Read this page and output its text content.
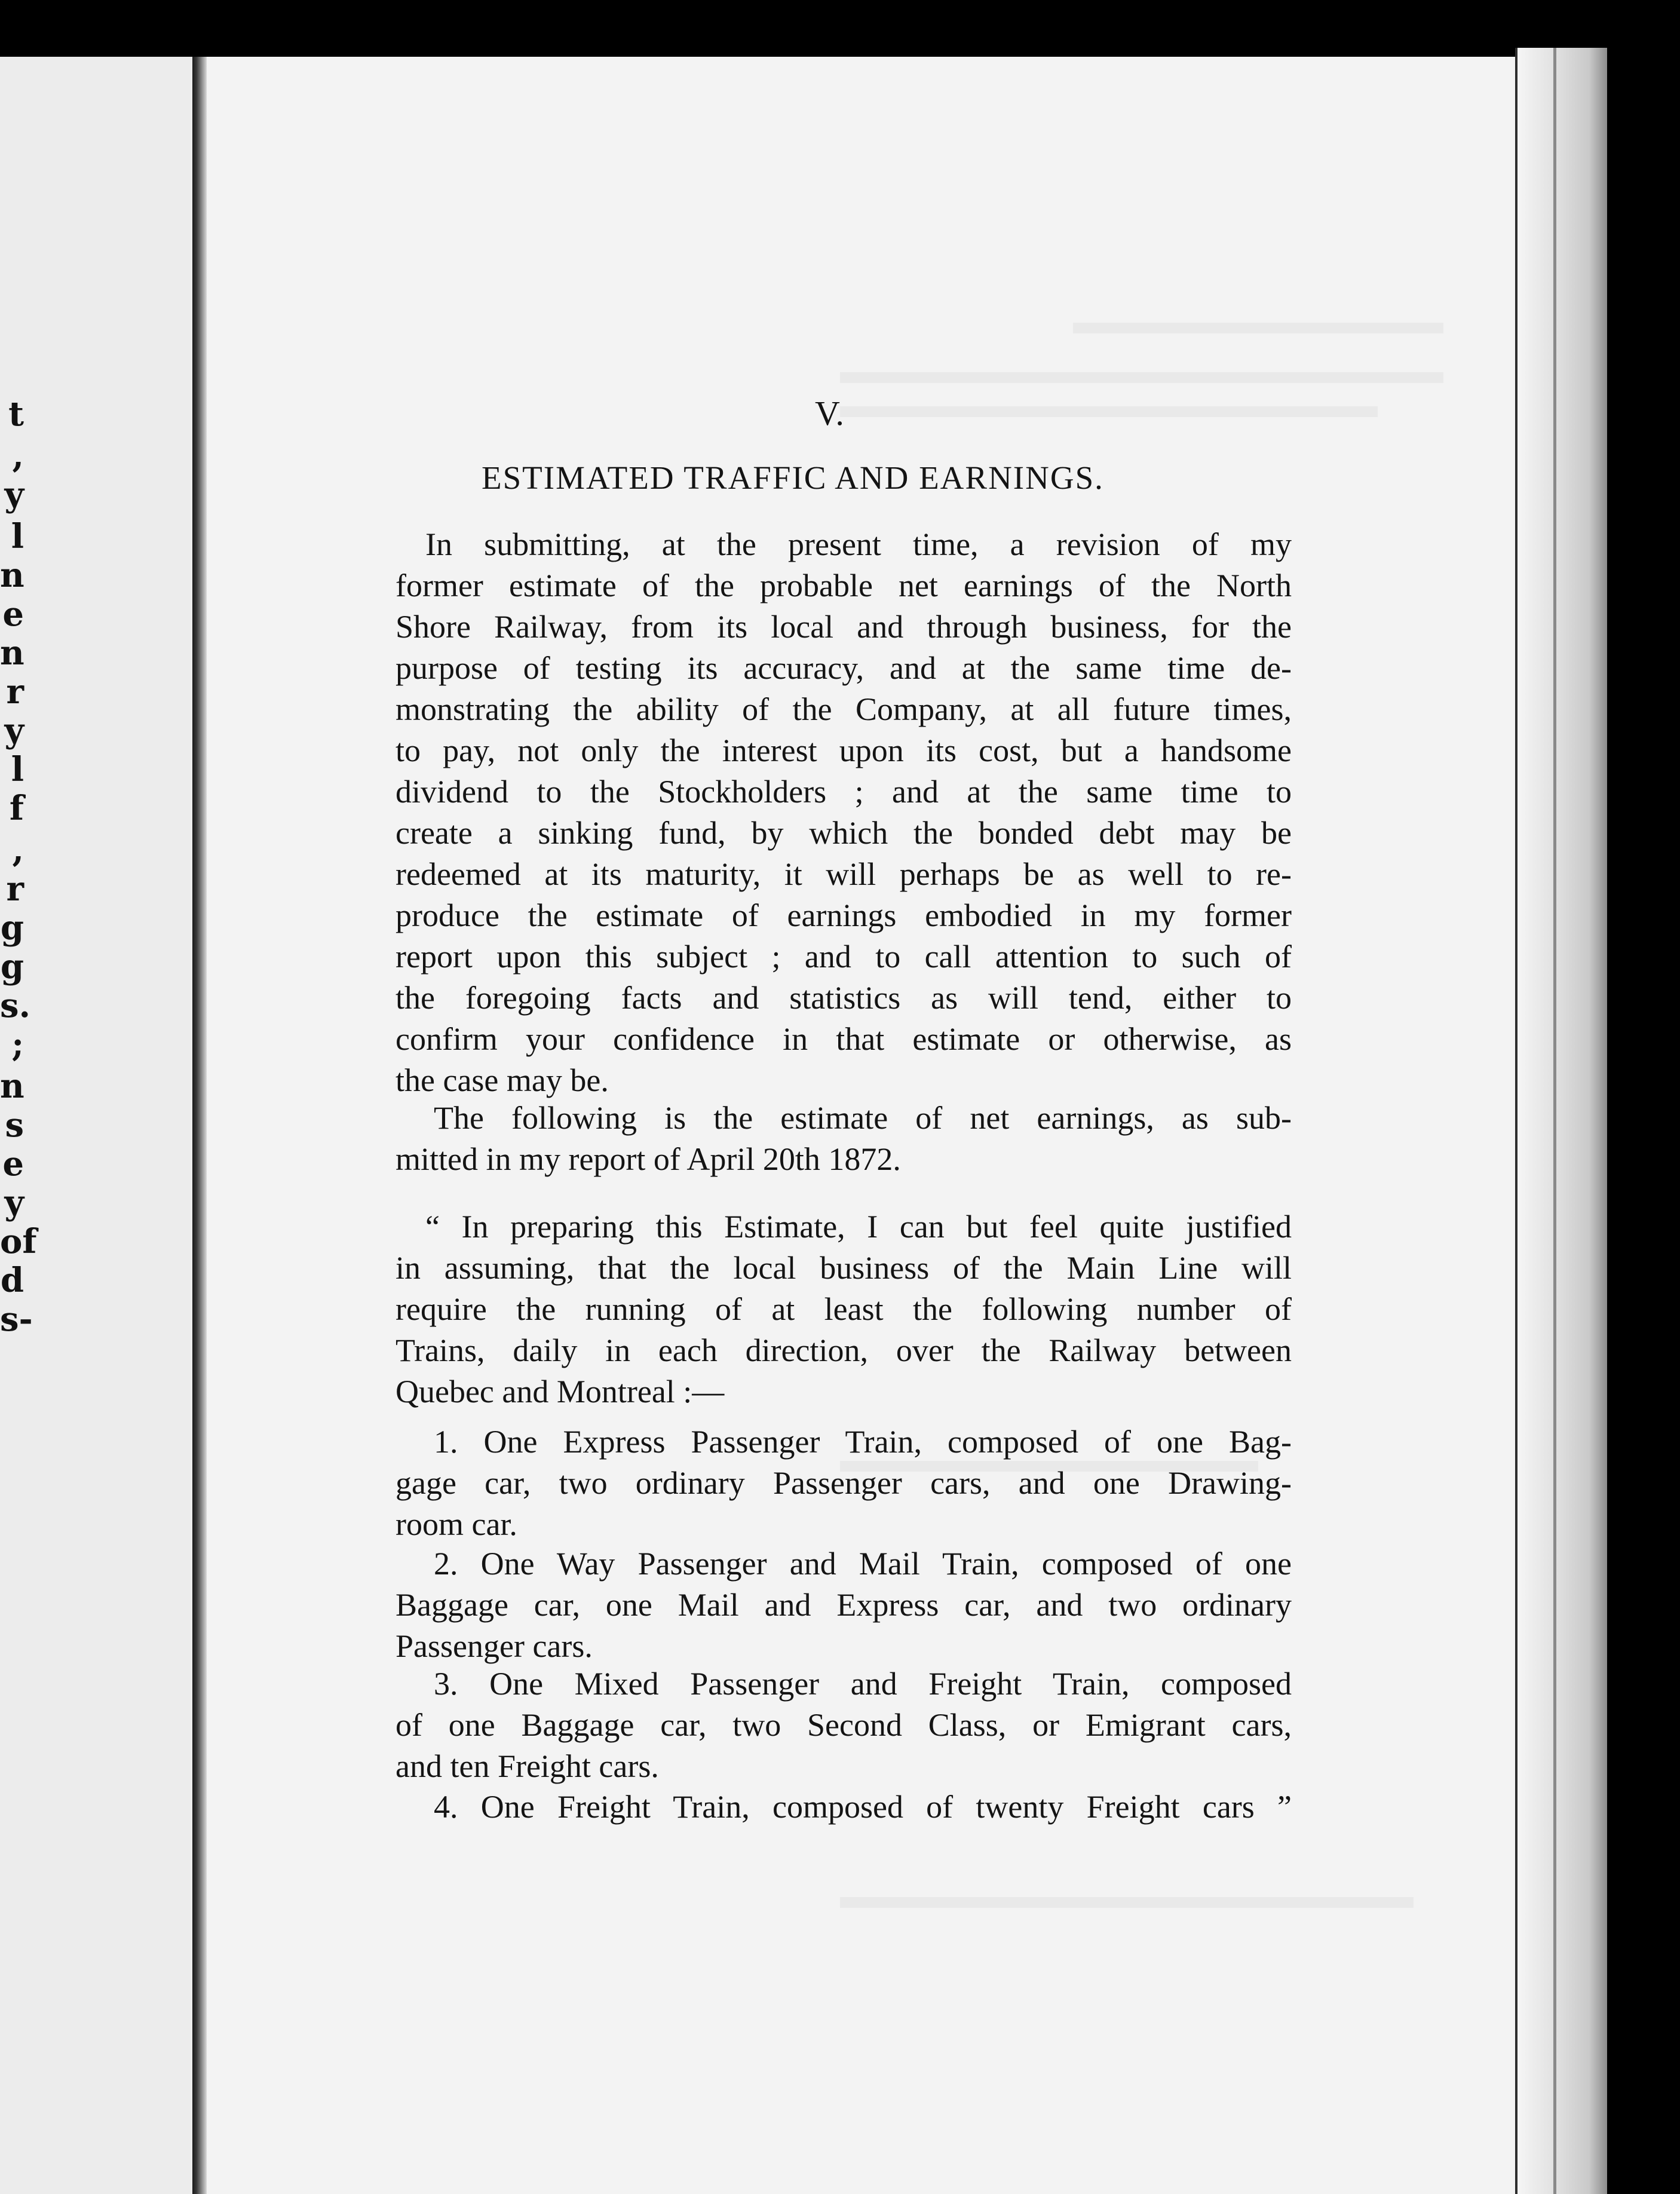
t
,
y
l
n
e
n
r
y
l
f
,
r
g
g
s.
;
n
s
e
y
of
d
s-
V.
ESTIMATED TRAFFIC AND EARNINGS.
In submitting, at the present time, a revision of my
former estimate of the probable net earnings of the North
Shore Railway, from its local and through business, for the
purpose of testing its accuracy, and at the same time de-
monstrating the ability of the Company, at all future times,
to pay, not only the interest upon its cost, but a handsome
dividend to the Stockholders ; and at the same time to
create a sinking fund, by which the bonded debt may be
redeemed at its maturity, it will perhaps be as well to re-
produce the estimate of earnings embodied in my former
report upon this subject ; and to call attention to such of
the foregoing facts and statistics as will tend, either to
confirm your confidence in that estimate or otherwise, as
the case may be.
The following is the estimate of net earnings, as sub-
mitted in my report of April 20th 1872.
“ In preparing this Estimate, I can but feel quite justified
in assuming, that the local business of the Main Line will
require the running of at least the following number of
Trains, daily in each direction, over the Railway between
Quebec and Montreal :—
1. One Express Passenger Train, composed of one Bag-
gage car, two ordinary Passenger cars, and one Drawing-
room car.
2. One Way Passenger and Mail Train, composed of one
Baggage car, one Mail and Express car, and two ordinary
Passenger cars.
3. One Mixed Passenger and Freight Train, composed
of one Baggage car, two Second Class, or Emigrant cars,
and ten Freight cars.
4. One Freight Train, composed of twenty Freight cars ”
